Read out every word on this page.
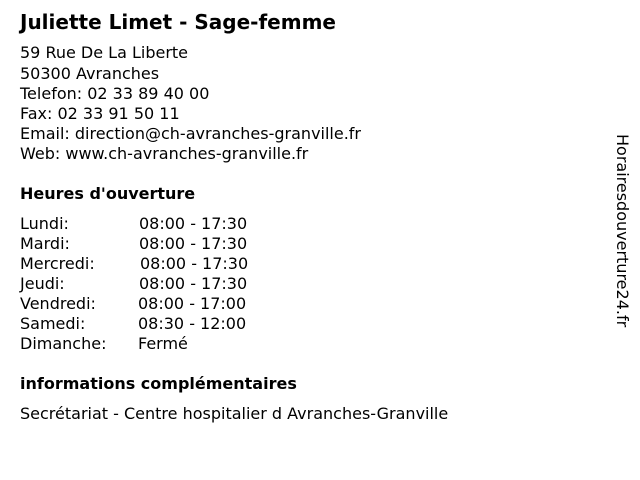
Juliette Limet - Sage-femme
59 Rue De La Liberte
50300 Avranches
Telefon: 02 33 89 40 00
Fax: 02 33 91 50 11
Email: direction@ch-avranches-granville.fr
Web: www.ch-avranches-granville.fr
Heures d'ouverture
Lundi:	08:00 - 17:30
Mardi:	08:00 - 17:30
Mercredi:	08:00 - 17:30
Jeudi:	08:00 - 17:30
Vendredi:	08:00 - 17:00
Samedi:	08:30 - 12:00
Dimanche: Fermé
informations complémentaires
Secrétariat - Centre hospitalier d Avranches-Granville
Horairesdouverture24.fr
